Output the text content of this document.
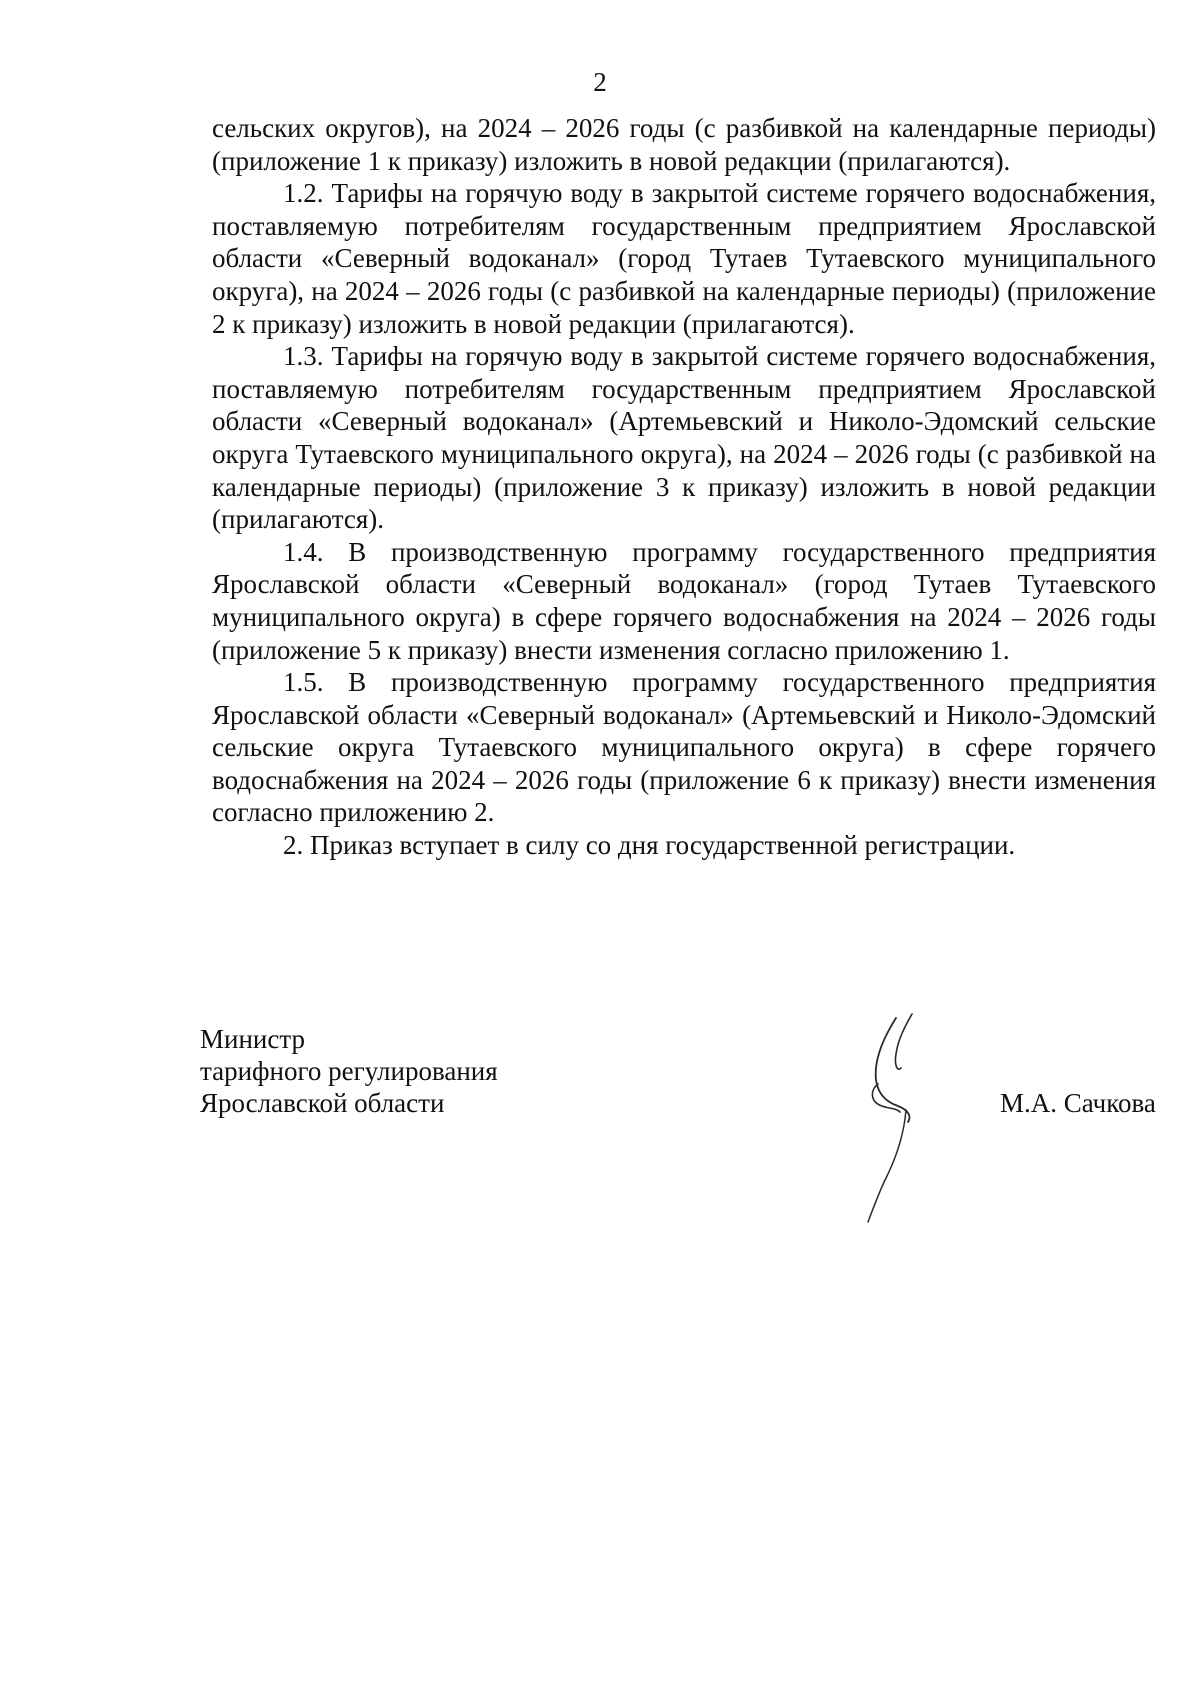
2

сельских округов), на 2024 – 2026 годы (с разбивкой на календарные периоды) (приложение 1 к приказу) изложить в новой редакции (прилагаются).

1.2. Тарифы на горячую воду в закрытой системе горячего водоснабжения, поставляемую потребителям государственным предприятием Ярославской области «Северный водоканал» (город Тутаев Тутаевского муниципального округа), на 2024 – 2026 годы (с разбивкой на календарные периоды) (приложение 2 к приказу) изложить в новой редакции (прилагаются).

1.3. Тарифы на горячую воду в закрытой системе горячего водоснабжения, поставляемую потребителям государственным предприятием Ярославской области «Северный водоканал» (Артемьевский и Николо-Эдомский сельские округа Тутаевского муниципального округа), на 2024 – 2026 годы (с разбивкой на календарные периоды) (приложение 3 к приказу) изложить в новой редакции (прилагаются).

1.4. В производственную программу государственного предприятия Ярославской области «Северный водоканал» (город Тутаев Тутаевского муниципального округа) в сфере горячего водоснабжения на 2024 – 2026 годы (приложение 5 к приказу) внести изменения согласно приложению 1.

1.5. В производственную программу государственного предприятия Ярославской области «Северный водоканал» (Артемьевский и Николо-Эдомский сельские округа Тутаевского муниципального округа) в сфере горячего водоснабжения на 2024 – 2026 годы (приложение 6 к приказу) внести изменения согласно приложению 2.

2. Приказ вступает в силу со дня государственной регистрации.

Министр
тарифного регулирования
Ярославской области	М.А. Сачкова
